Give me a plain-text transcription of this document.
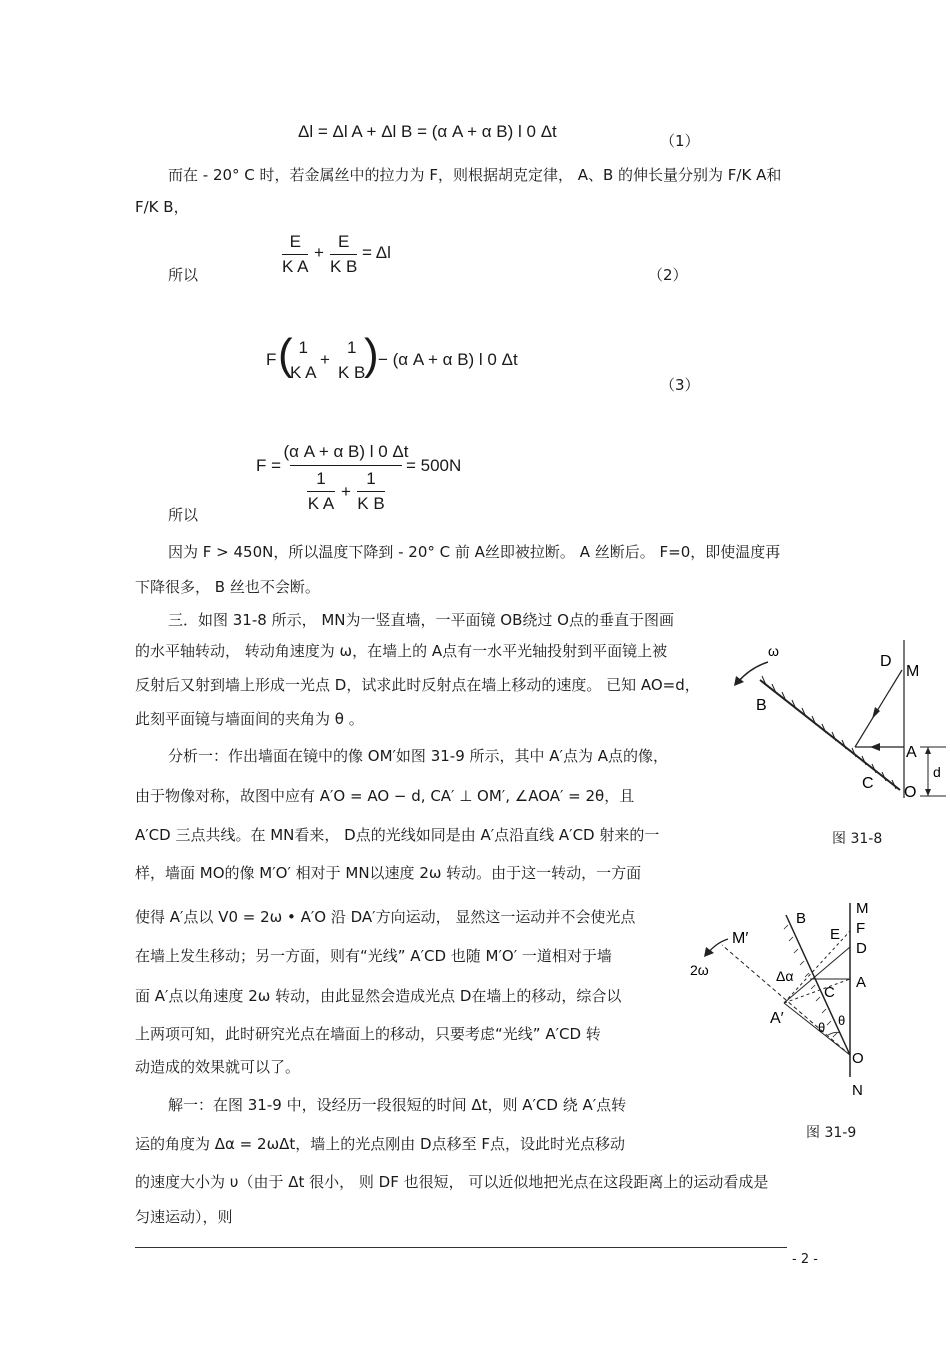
Δl = Δl A + Δl B = (α A + α B) l 0 Δt	（1）
而在 - 20° C 时，若金属丝中的拉力为 F，则根据胡克定律， A、B 的伸长量分别为 F/K A和
F/K B，
所以
E
K A
+
E
K B
= Δl
（2）
F ( 1
K A
+
1
K B
) − (α A + α B) l 0 Δt
（3）
F =
(α A + α B) l 0 Δt
1
K A
+
1
K B
= 500N
所以
因为 F > 450N，所以温度下降到 - 20° C 前 A丝即被拉断。 A 丝断后。 F=0，即使温度再
下降很多， B 丝也不会断。
三．如图 31-8 所示， MN为一竖直墙，一平面镜 OB绕过 O点的垂直于图画
的水平轴转动， 转动角速度为 ω，在墙上的 A点有一水平光轴投射到平面镜上被
反射后又射到墙上形成一光点 D，试求此时反射点在墙上移动的速度。 已知 AO=d，
此刻平面镜与墙面间的夹角为 θ 。
分析一：作出墙面在镜中的像 OM′如图 31-9 所示，其中 A′点为 A点的像，
由于物像对称，故图中应有 A′O = AO − d, CA′ ⊥ OM′, ∠AOA′ = 2θ，且
A′CD 三点共线。在 MN看来， D点的光线如同是由 A′点沿直线 A′CD 射来的一
样，墙面 MO的像 M′O′ 相对于 MN以速度 2ω 转动。由于这一转动，一方面
使得 A′点以 V0 = 2ω • A′O 沿 DA′方向运动， 显然这一运动并不会使光点
在墙上发生移动；另一方面，则有“光线” A′CD 也随 M′O′ 一道相对于墙
面 A′点以角速度 2ω 转动，由此显然会造成光点 D在墙上的移动，综合以
上两项可知，此时研究光点在墙面上的移动，只要考虑“光线” A′CD 转
动造成的效果就可以了。
解一：在图 31-9 中，设经历一段很短的时间 Δt，则 A′CD 绕 A′点转
运的角度为 Δα = 2ωΔt，墙上的光点刚由 D点移至 F点，设此时光点移动
的速度大小为 υ（由于 Δt 很小， 则 DF 也很短， 可以近似地把光点在这段距离上的运动看成是
匀速运动），则
ω
B
D
M
A
C
O
d
图 31-8
B
M
F
E
D
M′
2ω	Δα	A
C
A′
θ θ
O
N
图 31-9
- 2 -
